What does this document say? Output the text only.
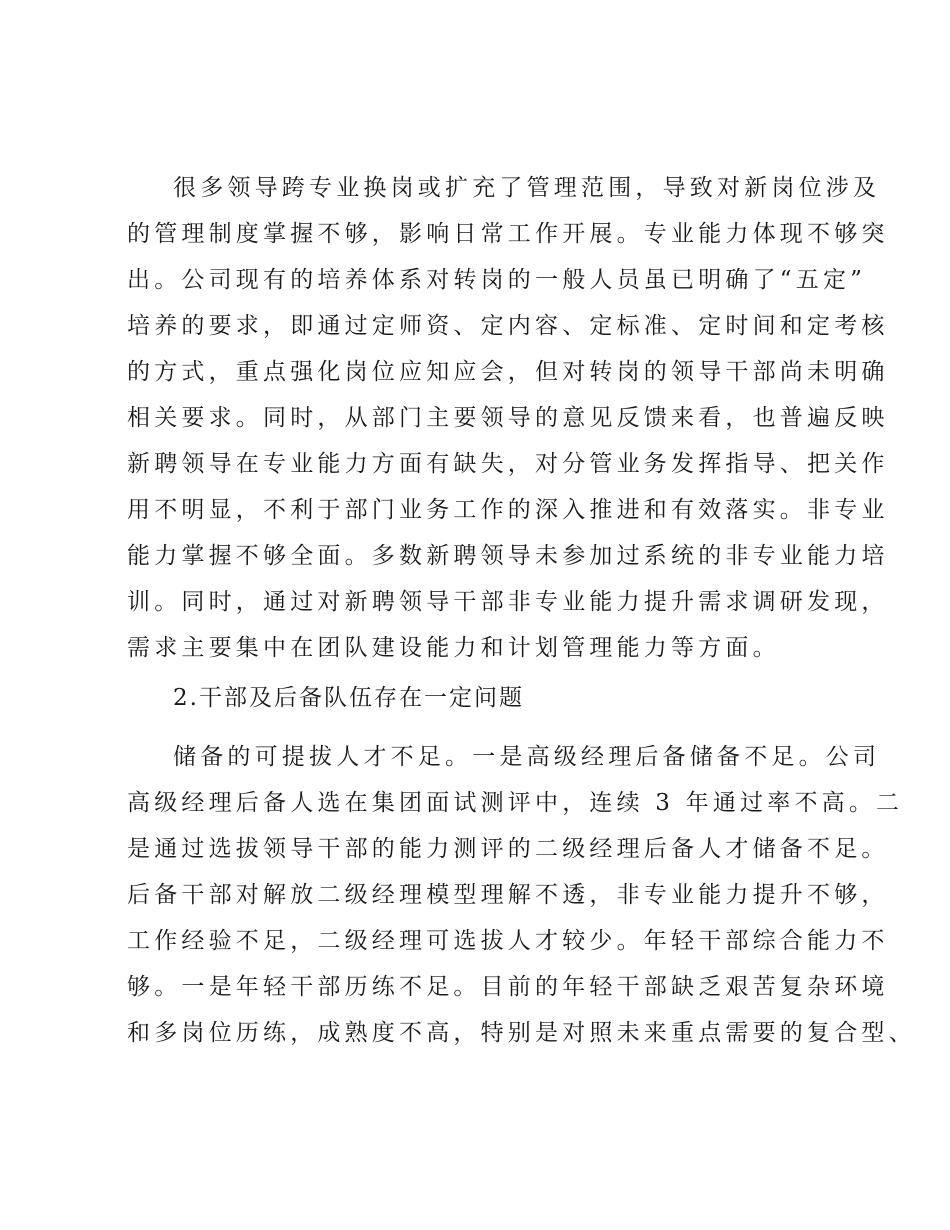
很多领导跨专业换岗或扩充了管理范围，导致对新岗位涉及
的管理制度掌握不够，影响日常工作开展。专业能力体现不够突
出。公司现有的培养体系对转岗的一般人员虽已明确了“五定”
培养的要求，即通过定师资、定内容、定标准、定时间和定考核
的方式，重点强化岗位应知应会，但对转岗的领导干部尚未明确
相关要求。同时，从部门主要领导的意见反馈来看，也普遍反映
新聘领导在专业能力方面有缺失，对分管业务发挥指导、把关作
用不明显，不利于部门业务工作的深入推进和有效落实。非专业
能力掌握不够全面。多数新聘领导未参加过系统的非专业能力培
训。同时，通过对新聘领导干部非专业能力提升需求调研发现，
需求主要集中在团队建设能力和计划管理能力等方面。
2.干部及后备队伍存在一定问题
储备的可提拔人才不足。一是高级经理后备储备不足。公司
高级经理后备人选在集团面试测评中，连续 3 年通过率不高。二
是通过选拔领导干部的能力测评的二级经理后备人才储备不足。
后备干部对解放二级经理模型理解不透，非专业能力提升不够，
工作经验不足，二级经理可选拔人才较少。年轻干部综合能力不
够。一是年轻干部历练不足。目前的年轻干部缺乏艰苦复杂环境
和多岗位历练，成熟度不高，特别是对照未来重点需要的复合型、
